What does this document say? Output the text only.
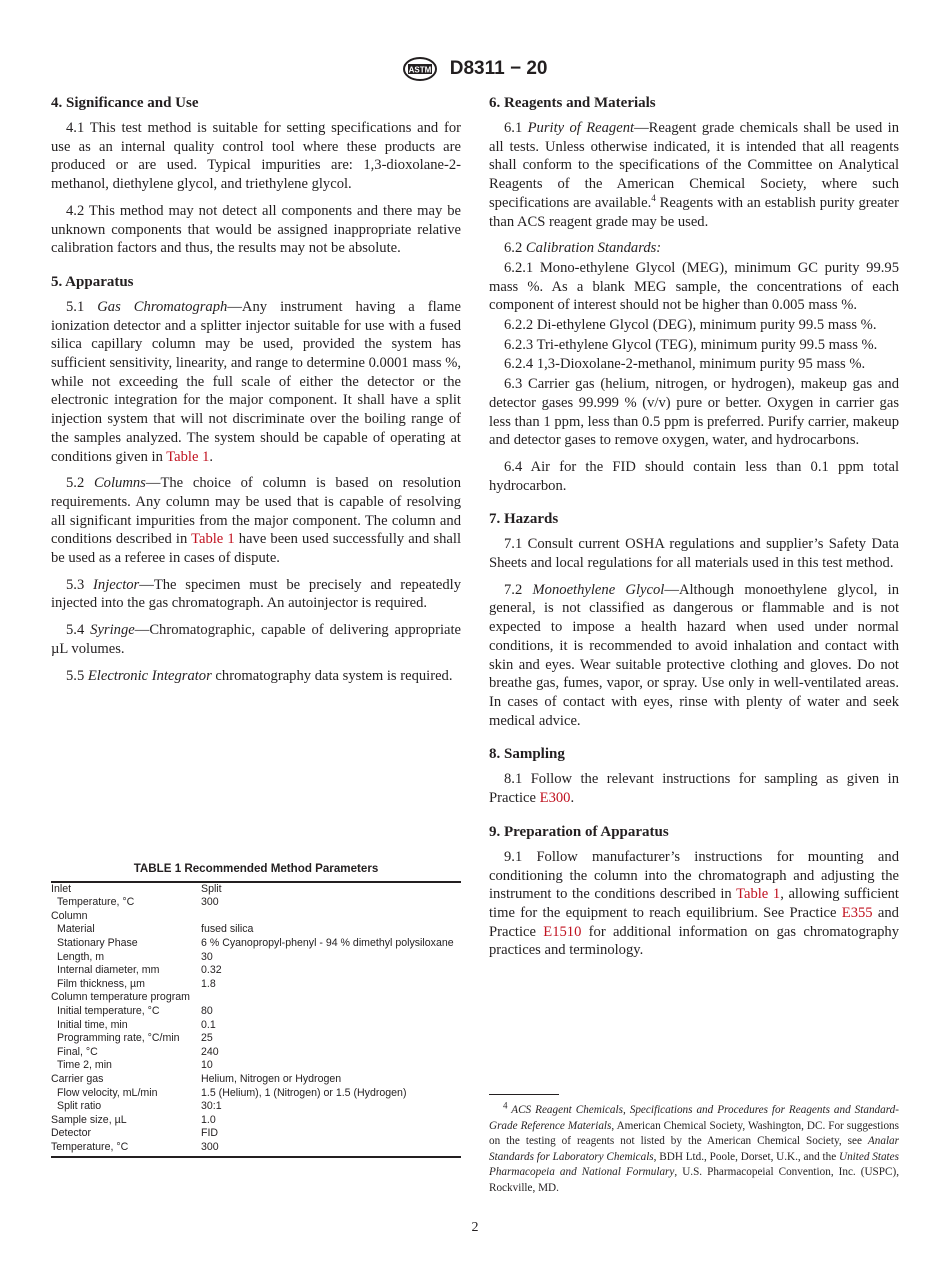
ASTM D8311 − 20
4. Significance and Use

4.1 This test method is suitable for setting specifications and for use as an internal quality control tool where these products are produced or are used. Typical impurities are: 1,3-dioxolane-2-methanol, diethylene glycol, and triethylene glycol.

4.2 This method may not detect all components and there may be unknown components that would be assigned inappropriate relative calibration factors and thus, the results may not be absolute.

5. Apparatus

5.1 Gas Chromatograph—Any instrument having a flame ionization detector and a splitter injector suitable for use with a fused silica capillary column may be used, provided the system has sufficient sensitivity, linearity, and range to determine 0.0001 mass %, while not exceeding the full scale of either the detector or the electronic integration for the major component. It shall have a split injection system that will not discriminate over the boiling range of the samples analyzed. The system should be capable of operating at conditions given in Table 1.

5.2 Columns—The choice of column is based on resolution requirements. Any column may be used that is capable of resolving all significant impurities from the major component. The column and conditions described in Table 1 have been used successfully and shall be used as a referee in cases of dispute.

5.3 Injector—The specimen must be precisely and repeatedly injected into the gas chromatograph. An autoinjector is required.

5.4 Syringe—Chromatographic, capable of delivering appropriate µL volumes.

5.5 Electronic Integrator chromatography data system is required.

6. Reagents and Materials

6.1 Purity of Reagent—Reagent grade chemicals shall be used in all tests. Unless otherwise indicated, it is intended that all reagents shall conform to the specifications of the Committee on Analytical Reagents of the American Chemical Society, where such specifications are available.$^4$ Reagents with an establish purity greater than ACS reagent grade may be used.

6.2 Calibration Standards:

6.2.1 Mono-ethylene Glycol (MEG), minimum GC purity 99.95 mass %. As a blank MEG sample, the concentrations of each component of interest should not be higher than 0.005 mass %.

6.2.2 Di-ethylene Glycol (DEG), minimum purity 99.5 mass %.

6.2.3 Tri-ethylene Glycol (TEG), minimum purity 99.5 mass %.

6.2.4 1,3-Dioxolane-2-methanol, minimum purity 95 mass %.

6.3 Carrier gas (helium, nitrogen, or hydrogen), makeup gas and detector gases 99.999 % (v/v) pure or better. Oxygen in carrier gas less than 1 ppm, less than 0.5 ppm is preferred. Purify carrier, makeup and detector gases to remove oxygen, water, and hydrocarbons.

6.4 Air for the FID should contain less than 0.1 ppm total hydrocarbon.

7. Hazards

7.1 Consult current OSHA regulations and supplier’s Safety Data Sheets and local regulations for all materials used in this test method.

7.2 Monoethylene Glycol—Although monoethylene glycol, in general, is not classified as dangerous or flammable and is not expected to impose a health hazard when used under normal conditions, it is recommended to avoid inhalation and contact with skin and eyes. Wear suitable protective clothing and gloves. Do not breathe gas, fumes, vapor, or spray. Use only in well-ventilated areas. In cases of contact with eyes, rinse with plenty of water and seek medical advice.

8. Sampling

8.1 Follow the relevant instructions for sampling as given in Practice E300.

9. Preparation of Apparatus

9.1 Follow manufacturer’s instructions for mounting and conditioning the column into the chromatograph and adjusting the instrument to the conditions described in Table 1, allowing sufficient time for the equipment to reach equilibrium. See Practice E355 and Practice E1510 for additional information on gas chromatography practices and terminology.

TABLE 1 Recommended Method Parameters
Inlet	Split
Temperature, °C	300
Column
Material	fused silica
Stationary Phase	6 % Cyanopropyl-phenyl - 94 % dimethyl polysiloxane
Length, m	30
Internal diameter, mm	0.32
Film thickness, µm	1.8
Column temperature program
Initial temperature, °C	80
Initial time, min	0.1
Programming rate, °C/min	25
Final, °C	240
Time 2, min	10
Carrier gas	Helium, Nitrogen or Hydrogen
Flow velocity, mL/min	1.5 (Helium), 1 (Nitrogen) or 1.5 (Hydrogen)
Split ratio	30:1
Sample size, µL	1.0
Detector	FID
Temperature, °C	300
$^4$ ACS Reagent Chemicals, Specifications and Procedures for Reagents and Standard-Grade Reference Materials, American Chemical Society, Washington, DC. For suggestions on the testing of reagents not listed by the American Chemical Society, see Analar Standards for Laboratory Chemicals, BDH Ltd., Poole, Dorset, U.K., and the United States Pharmacopeia and National Formulary, U.S. Pharmacopeial Convention, Inc. (USPC), Rockville, MD.
2
